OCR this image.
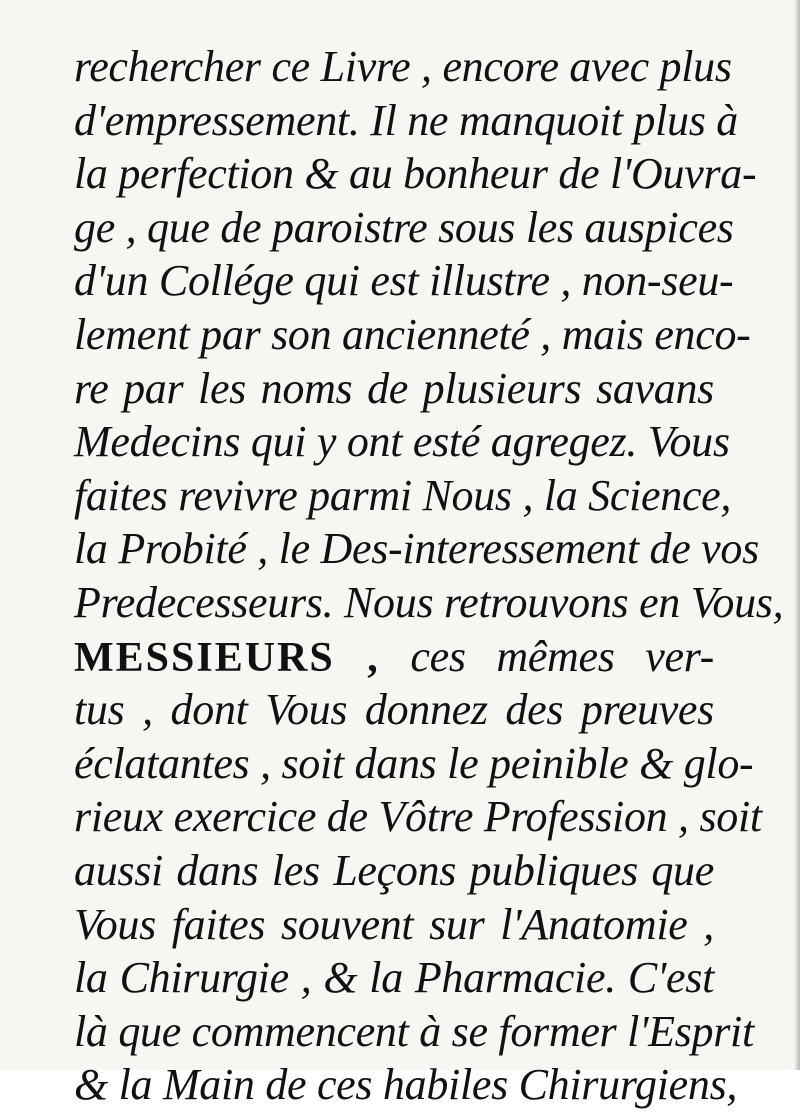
rechercher ce Livre , encore avec plus
d'empressement. Il ne manquoit plus à
la perfection & au bonheur de l'Ouvra-
ge , que de paroistre sous les auspices
d'un Collége qui est illustre , non-seu-
lement par son ancienneté , mais enco-
re par les noms de plusieurs savans
Medecins qui y ont esté agregez. Vous
faites revivre parmi Nous , la Science,
la Probité , le Des-interessement de vos
Predecesseurs. Nous retrouvons en Vous,
MESSIEURS , ces mêmes ver-
tus , dont Vous donnez des preuves
éclatantes , soit dans le peinible & glo-
rieux exercice de Vôtre Profession , soit
aussi dans les Leçons publiques que
Vous faites souvent sur l'Anatomie ,
la Chirurgie , & la Pharmacie. C'est
là que commencent à se former l'Esprit
& la Main de ces habiles Chirurgiens,
